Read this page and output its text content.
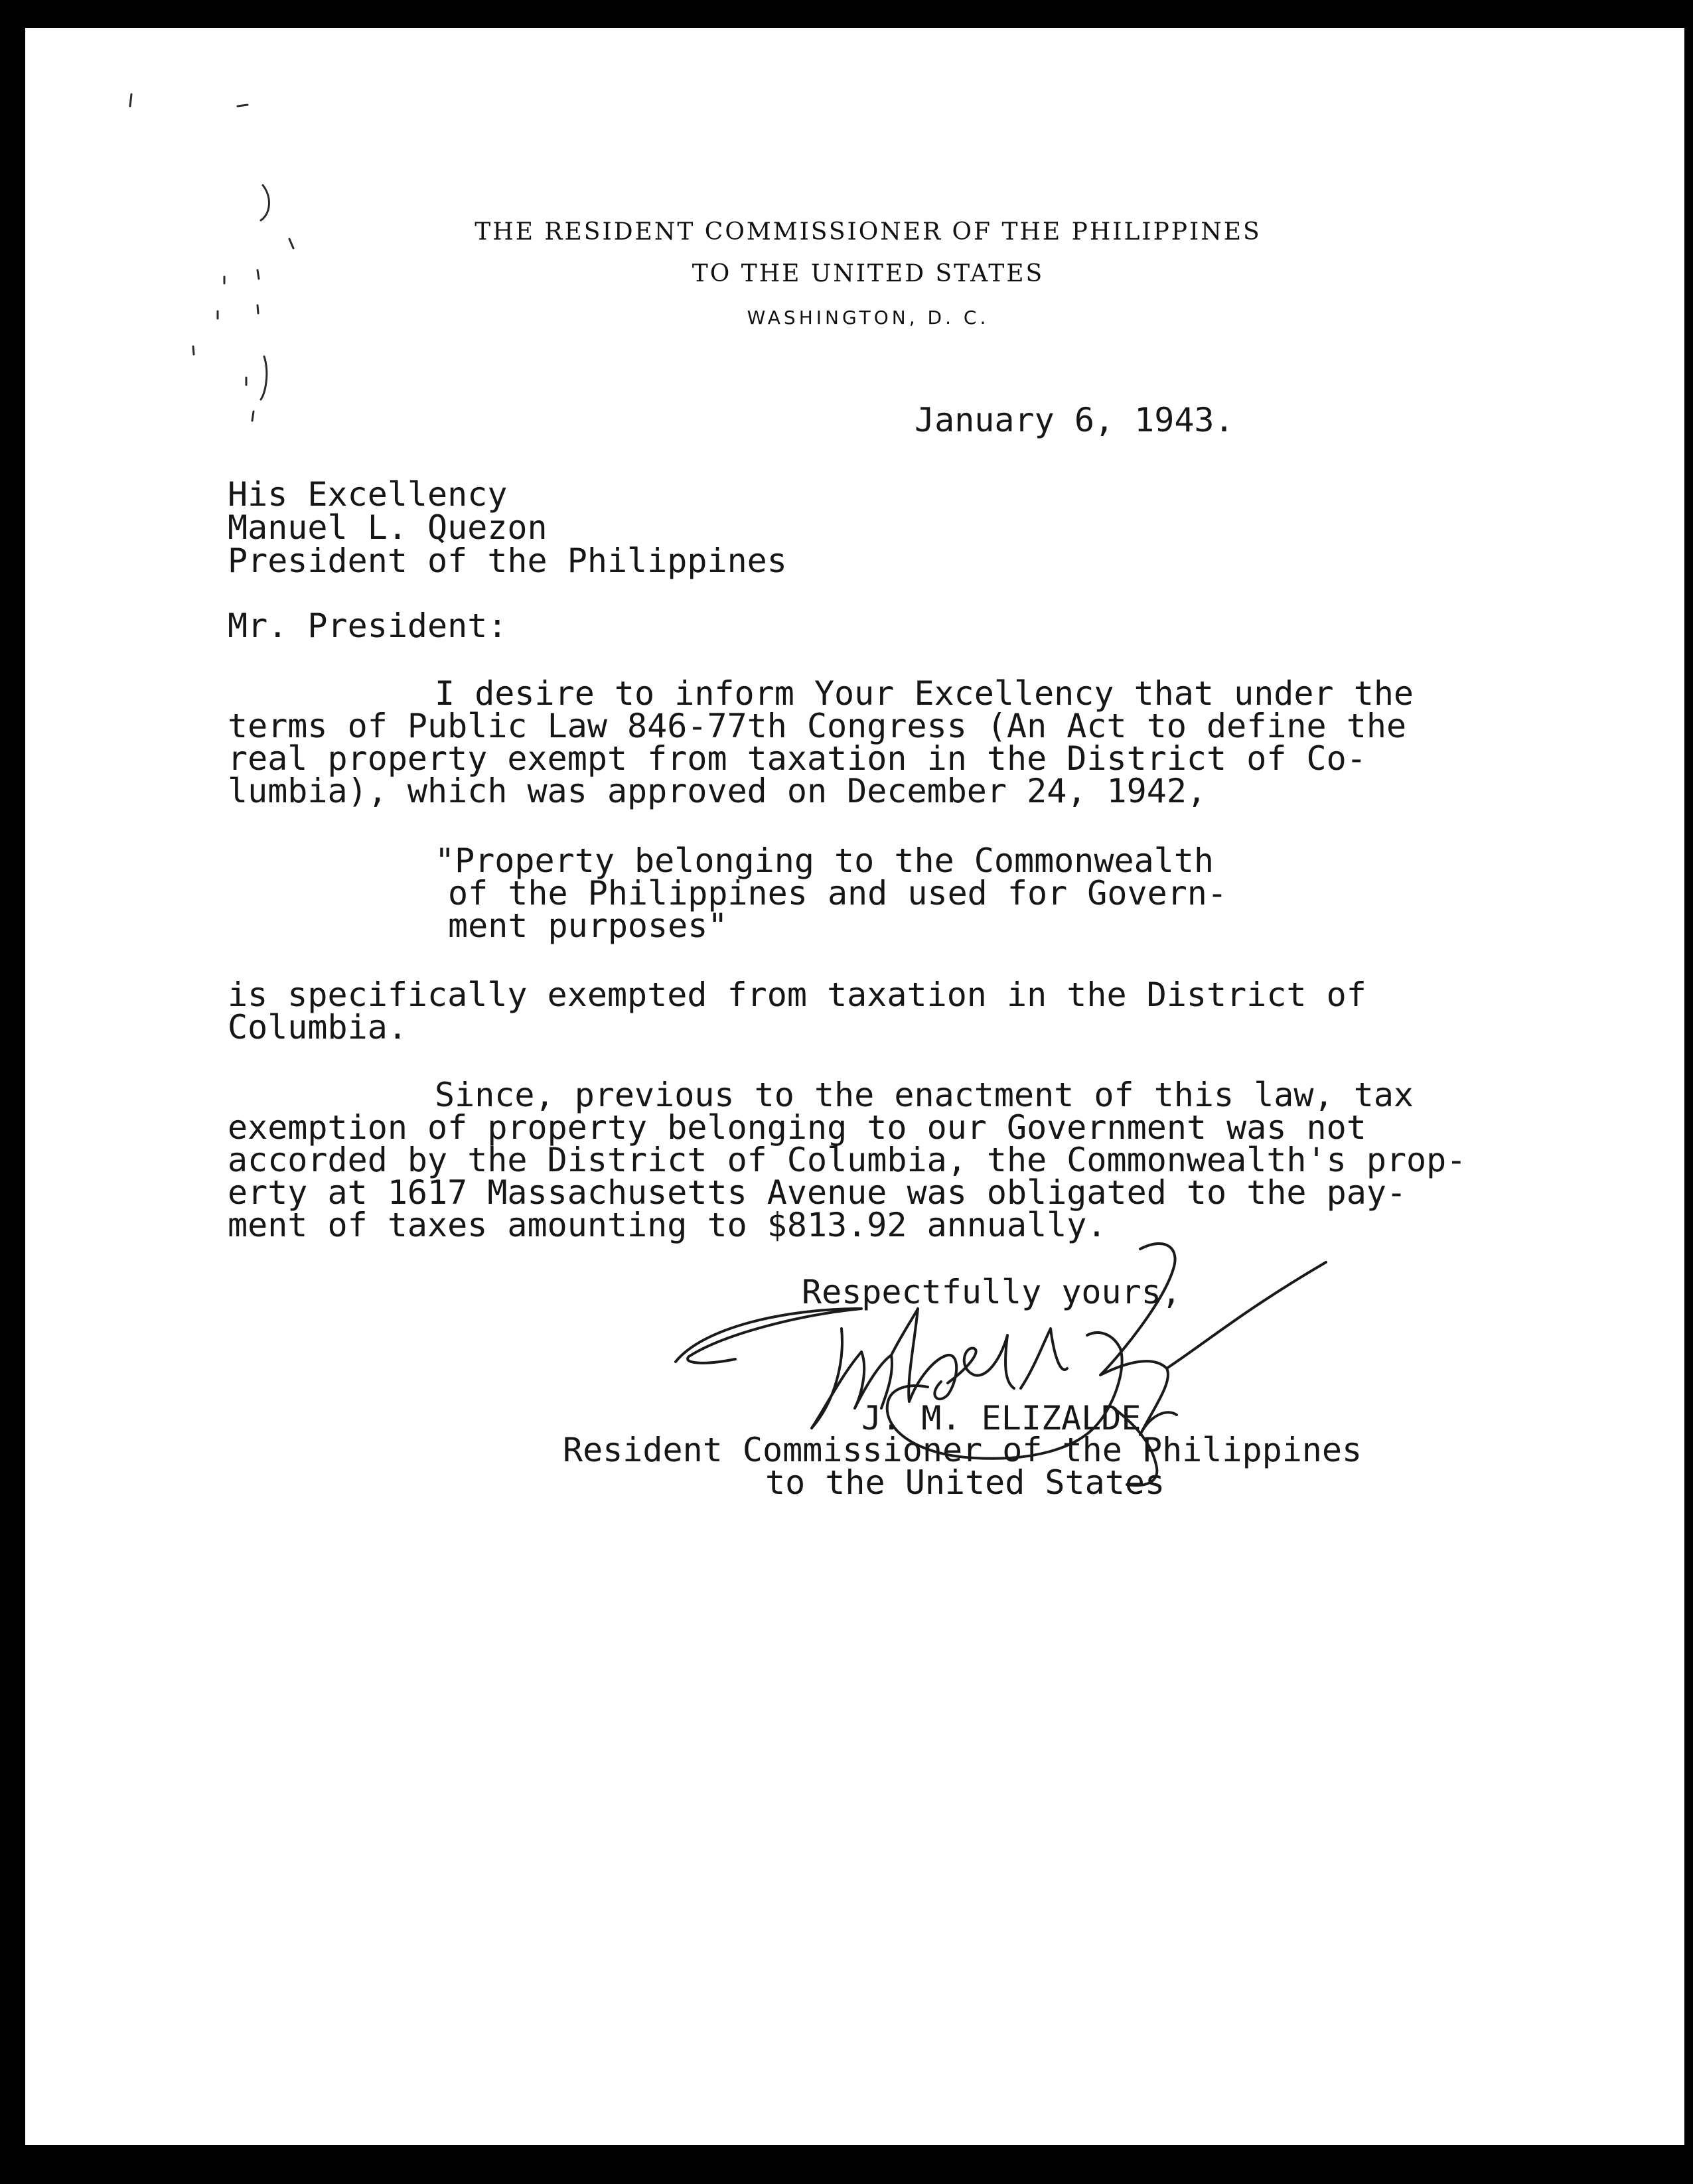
THE RESIDENT COMMISSIONER OF THE PHILIPPINES
TO THE UNITED STATES
WASHINGTON, D. C.
January 6, 1943.
His Excellency
Manuel L. Quezon
President of the Philippines
Mr. President:
I desire to inform Your Excellency that under the
terms of Public Law 846-77th Congress (An Act to define the
real property exempt from taxation in the District of Co-
lumbia), which was approved on December 24, 1942,
"Property belonging to the Commonwealth
of the Philippines and used for Govern-
ment purposes"
is specifically exempted from taxation in the District of
Columbia.
Since, previous to the enactment of this law, tax
exemption of property belonging to our Government was not
accorded by the District of Columbia, the Commonwealth's prop-
erty at 1617 Massachusetts Avenue was obligated to the pay-
ment of taxes amounting to $813.92 annually.
Respectfully yours,
J. M. ELIZALDE
Resident Commissioner of the Philippines
to the United States
